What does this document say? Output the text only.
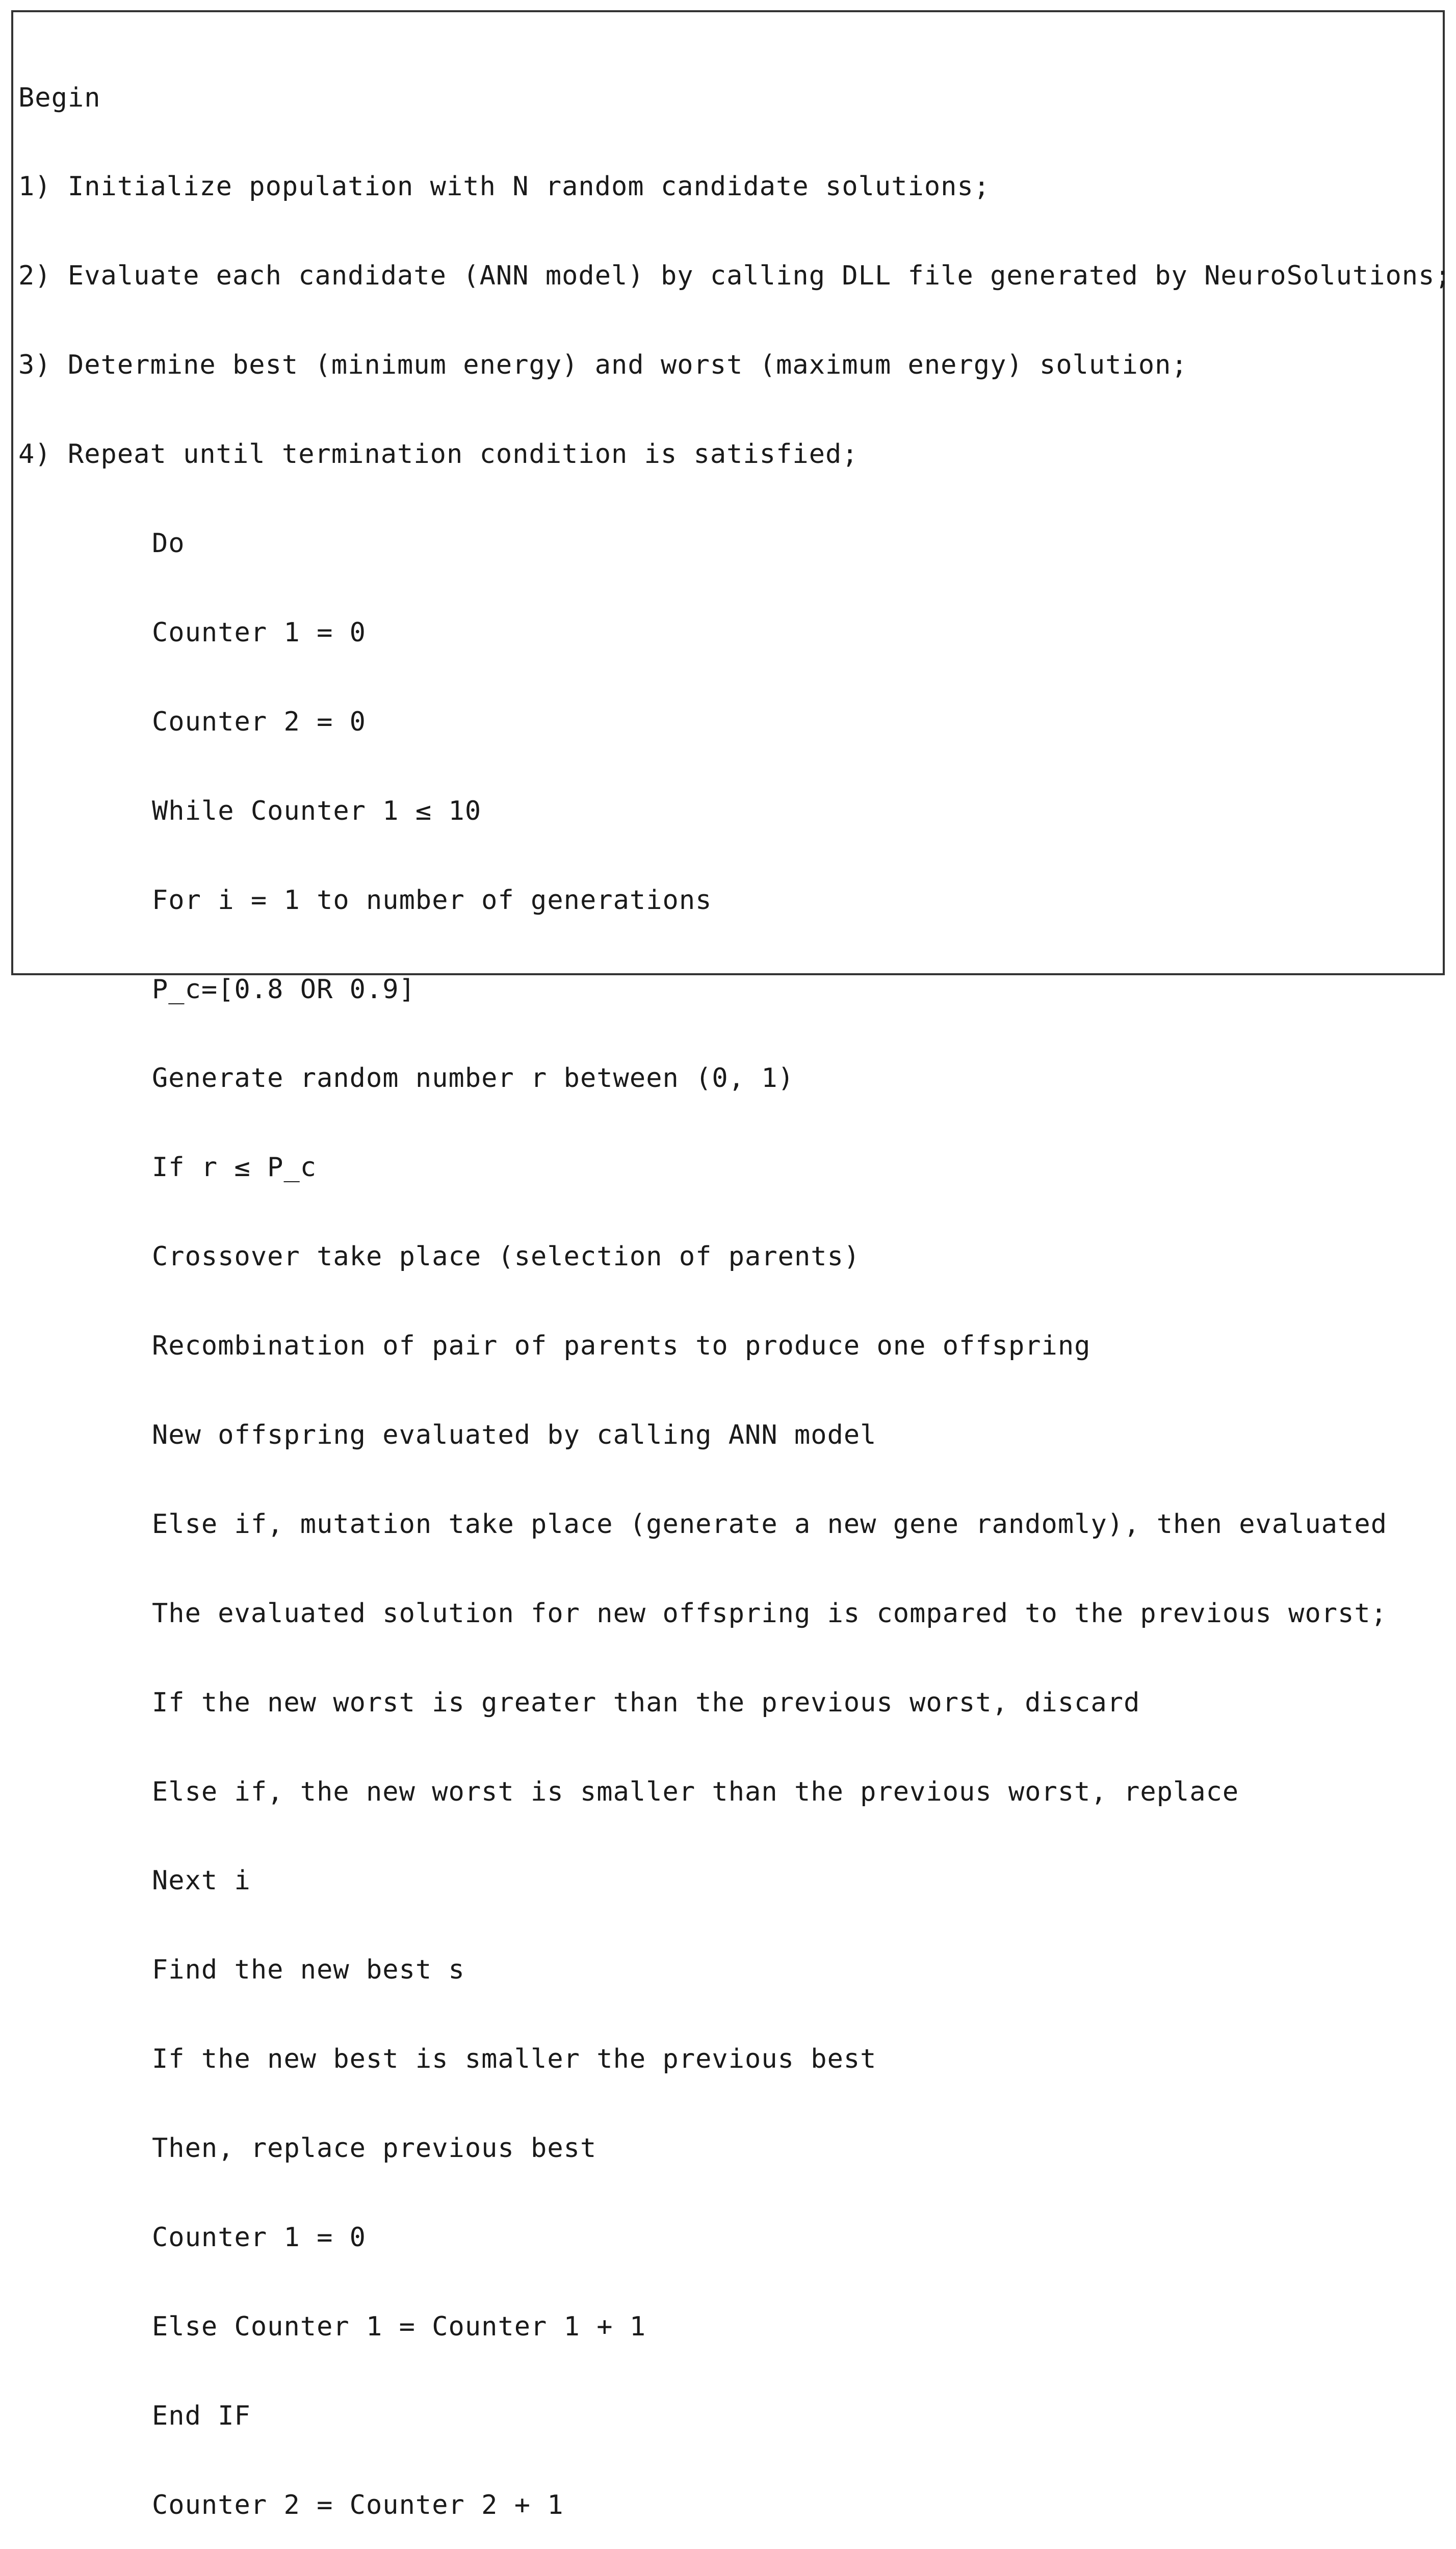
Begin

1) Initialize population with N random candidate solutions;

2) Evaluate each candidate (ANN model) by calling DLL file generated by NeuroSolutions;

3) Determine best (minimum energy) and worst (maximum energy) solution;

4) Repeat until termination condition is satisfied;

Do

Counter 1 = 0

Counter 2 = 0

While Counter 1 ≤ 10

For i = 1 to number of generations

P_c=[0.8 OR 0.9]

Generate random number r between (0, 1)

If r ≤ P_c

Crossover take place (selection of parents)

Recombination of pair of parents to produce one offspring

New offspring evaluated by calling ANN model

Else if, mutation take place (generate a new gene randomly), then evaluated

The evaluated solution for new offspring is compared to the previous worst;

If the new worst is greater than the previous worst, discard

Else if, the new worst is smaller than the previous worst, replace

Next i

Find the new best s

If the new best is smaller the previous best

Then, replace previous best

Counter 1 = 0

Else Counter 1 = Counter 1 + 1

End IF

Counter 2 = Counter 2 + 1
